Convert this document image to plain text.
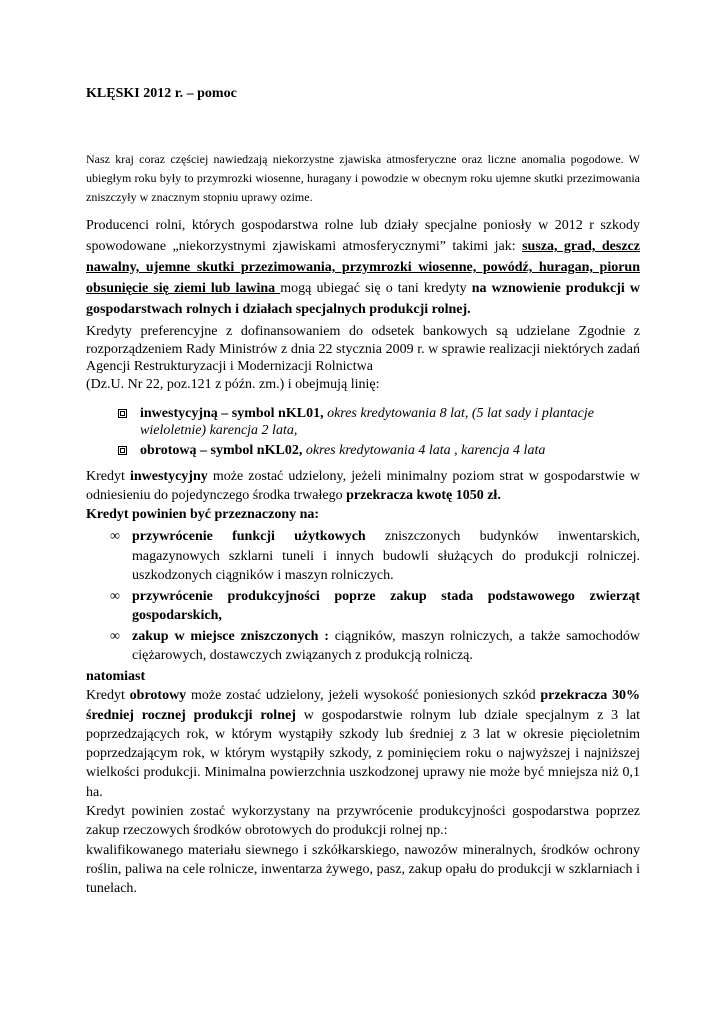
KLĘSKI 2012 r. – pomoc

Nasz kraj coraz częściej nawiedzają niekorzystne zjawiska atmosferyczne oraz liczne anomalia pogodowe. W ubiegłym roku były to przymrozki wiosenne, huragany i powodzie w obecnym roku ujemne skutki przezimowania zniszczyły w znacznym stopniu uprawy ozime.

Producenci rolni, których gospodarstwa rolne lub działy specjalne poniosły w 2012 r szkody spowodowane „niekorzystnymi zjawiskami atmosferycznymi” takimi jak: susza, grad, deszcz nawalny, ujemne skutki przezimowania, przymrozki wiosenne, powódź, huragan, piorun obsunięcie się ziemi lub lawina mogą ubiegać się o tani kredyty na wznowienie produkcji w gospodarstwach rolnych i działach specjalnych produkcji rolnej.

Kredyty preferencyjne z dofinansowaniem do odsetek bankowych są udzielane Zgodnie z rozporządzeniem Rady Ministrów z dnia 22 stycznia 2009 r. w sprawie realizacji niektórych zadań Agencji Restrukturyzacji i Modernizacji Rolnictwa

(Dz.U. Nr 22, poz.121 z późn. zm.) i obejmują linię:

inwestycyjną – symbol nKL01, okres kredytowania 8 lat, (5 lat sady i plantacje wieloletnie) karencja 2 lata,
obrotową – symbol nKL02, okres kredytowania 4 lata , karencja 4 lata

Kredyt inwestycyjny może zostać udzielony, jeżeli minimalny poziom strat w gospodarstwie w odniesieniu do pojedynczego środka trwałego przekracza kwotę 1050 zł.

Kredyt powinien być przeznaczony na:

∞ przywrócenie funkcji użytkowych zniszczonych budynków inwentarskich, magazynowych szklarni tuneli i innych budowli służących do produkcji rolniczej. uszkodzonych ciągników i maszyn rolniczych.
∞ przywrócenie produkcyjności poprze zakup stada podstawowego zwierząt gospodarskich,
∞ zakup w miejsce zniszczonych : ciągników, maszyn rolniczych, a także samochodów ciężarowych, dostawczych związanych z produkcją rolniczą.

natomiast

Kredyt obrotowy może zostać udzielony, jeżeli wysokość poniesionych szkód przekracza 30% średniej rocznej produkcji rolnej w gospodarstwie rolnym lub dziale specjalnym z 3 lat poprzedzających rok, w którym wystąpiły szkody lub średniej z 3 lat w okresie pięcioletnim poprzedzającym rok, w którym wystąpiły szkody, z pominięciem roku o najwyższej i najniższej wielkości produkcji. Minimalna powierzchnia uszkodzonej uprawy nie może być mniejsza niż 0,1 ha.

Kredyt powinien zostać wykorzystany na przywrócenie produkcyjności gospodarstwa poprzez zakup rzeczowych środków obrotowych do produkcji rolnej np.:

kwalifikowanego materiału siewnego i szkółkarskiego, nawozów mineralnych, środków ochrony roślin, paliwa na cele rolnicze, inwentarza żywego, pasz, zakup opału do produkcji w szklarniach i tunelach.
